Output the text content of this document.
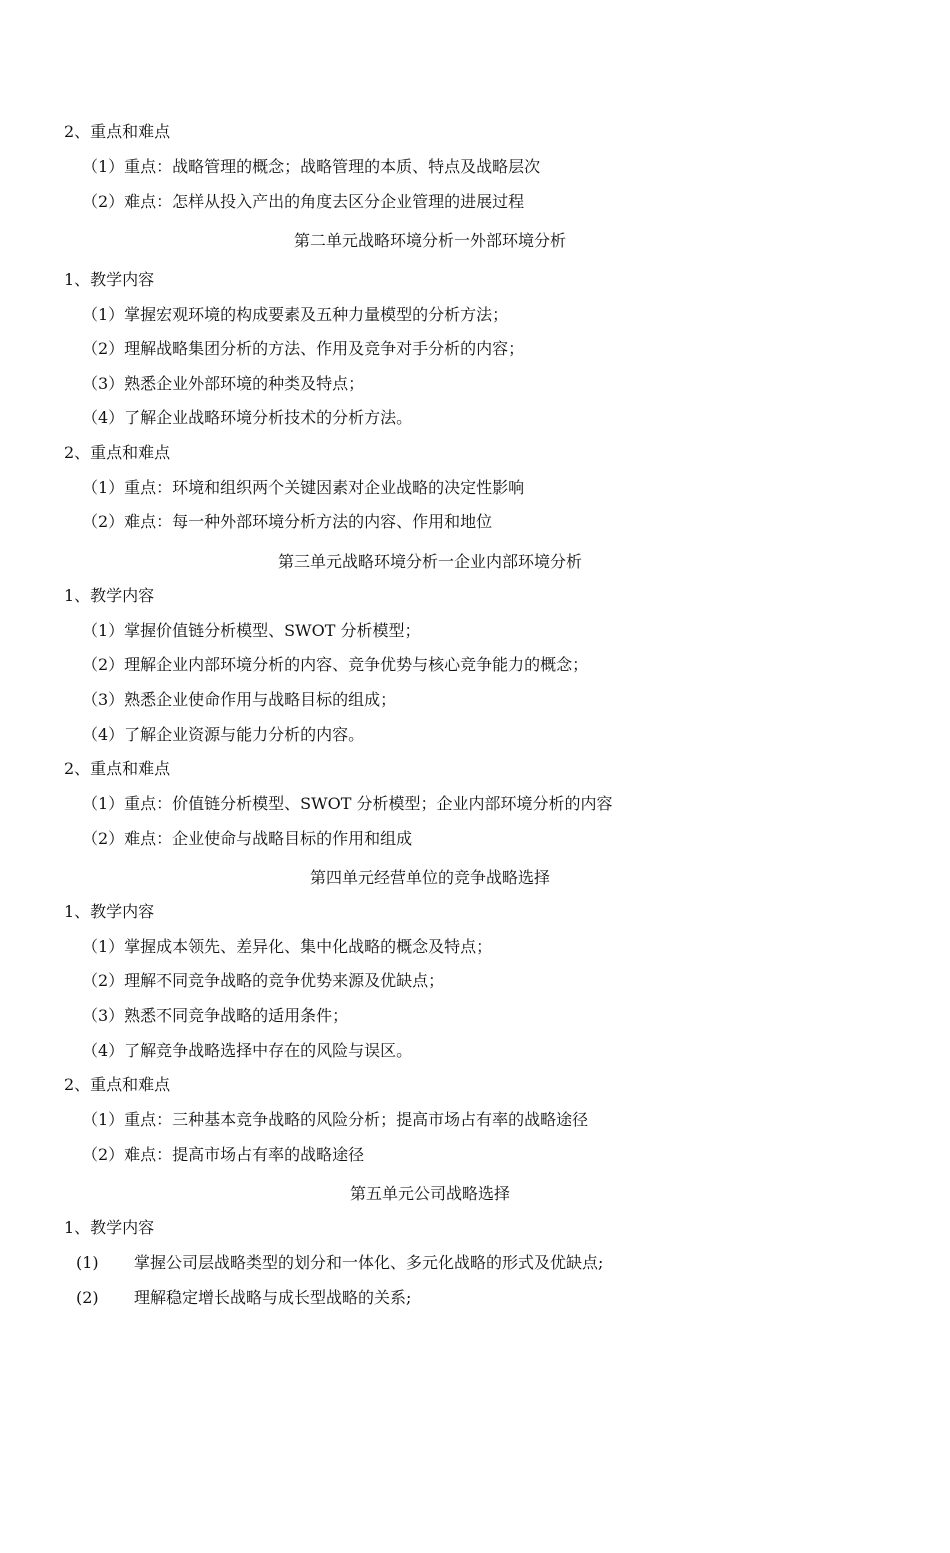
2、重点和难点
（1）重点：战略管理的概念；战略管理的本质、特点及战略层次
（2）难点：怎样从投入产出的角度去区分企业管理的进展过程
第二单元战略环境分析一外部环境分析
1、教学内容
（1）掌握宏观环境的构成要素及五种力量模型的分析方法；
（2）理解战略集团分析的方法、作用及竞争对手分析的内容；
（3）熟悉企业外部环境的种类及特点；
（4）了解企业战略环境分析技术的分析方法。
2、重点和难点
（1）重点：环境和组织两个关键因素对企业战略的决定性影响
（2）难点：每一种外部环境分析方法的内容、作用和地位
第三单元战略环境分析一企业内部环境分析
1、教学内容
（1）掌握价值链分析模型、SWOT 分析模型；
（2）理解企业内部环境分析的内容、竞争优势与核心竞争能力的概念；
（3）熟悉企业使命作用与战略目标的组成；
（4）了解企业资源与能力分析的内容。
2、重点和难点
（1）重点：价值链分析模型、SWOT 分析模型；企业内部环境分析的内容
（2）难点：企业使命与战略目标的作用和组成
第四单元经营单位的竞争战略选择
1、教学内容
（1）掌握成本领先、差异化、集中化战略的概念及特点；
（2）理解不同竞争战略的竞争优势来源及优缺点；
（3）熟悉不同竞争战略的适用条件；
（4）了解竞争战略选择中存在的风险与误区。
2、重点和难点
（1）重点：三种基本竞争战略的风险分析；提高市场占有率的战略途径
（2）难点：提高市场占有率的战略途径
第五单元公司战略选择
1、教学内容
(1) 掌握公司层战略类型的划分和一体化、多元化战略的形式及优缺点;
(2) 理解稳定增长战略与成长型战略的关系;
